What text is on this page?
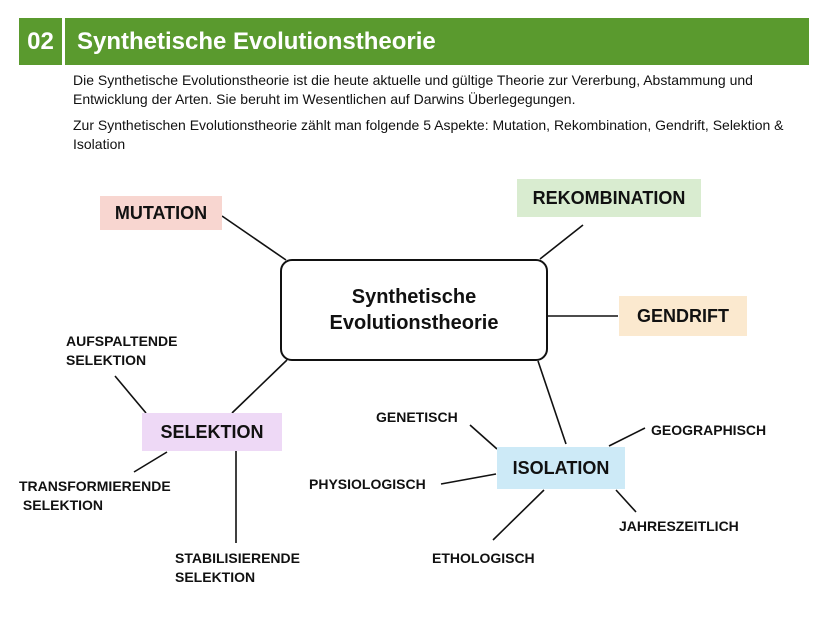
02 Synthetische Evolutionstheorie

Die Synthetische Evolutionstheorie ist die heute aktuelle und gültige Theorie zur Vererbung, Abstammung und Entwicklung der Arten. Sie beruht im Wesentlichen auf Darwins Überlegegungen.

Zur Synthetischen Evolutionstheorie zählt man folgende 5 Aspekte: Mutation, Rekombination, Gendrift, Selektion & Isolation

Synthetische
Evolutionstheorie
MUTATION
REKOMBINATION
GENDRIFT
SELEKTION
ISOLATION
AUFSPALTENDE
SELEKTION
TRANSFORMIERENDE
SELEKTION
STABILISIERENDE
SELEKTION
GENETISCH
PHYSIOLOGISCH
ETHOLOGISCH
GEOGRAPHISCH
JAHRESZEITLICH
